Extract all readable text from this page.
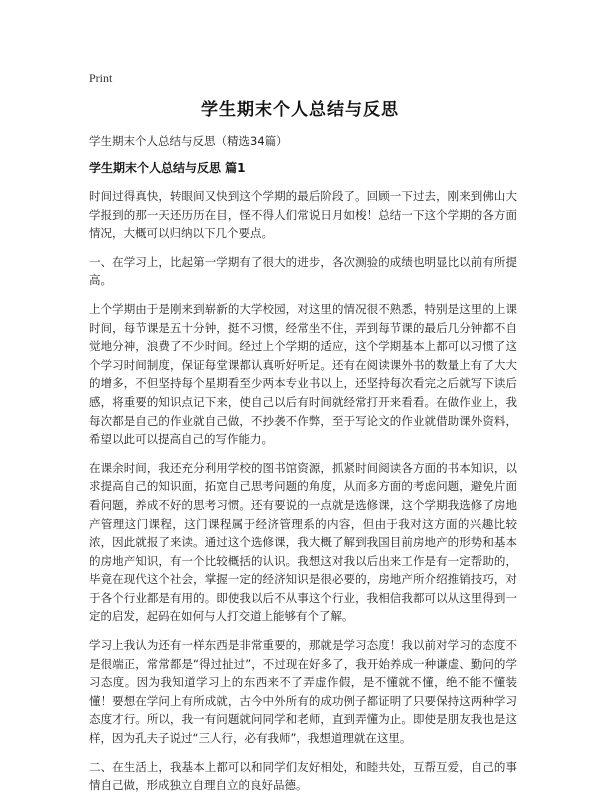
Print
学生期末个人总结与反思

学生期末个人总结与反思（精选34篇）

学生期末个人总结与反思 篇1

时间过得真快，转眼间又快到这个学期的最后阶段了。回顾一下过去，刚来到佛山大学报到的那一天还历历在目，怪不得人们常说日月如梭！总结一下这个学期的各方面情况，大概可以归纳以下几个要点。

一、在学习上，比起第一学期有了很大的进步，各次测验的成绩也明显比以前有所提高。

上个学期由于是刚来到崭新的大学校园，对这里的情况很不熟悉，特别是这里的上课时间，每节课是五十分钟，挺不习惯，经常坐不住，弄到每节课的最后几分钟都不自觉地分神，浪费了不少时间。经过上个学期的适应，这个学期基本上都可以习惯了这个学习时间制度，保证每堂课都认真听好听足。还有在阅读课外书的数量上有了大大的增多，不但坚持每个星期看至少两本专业书以上，还坚持每次看完之后就写下读后感，将重要的知识点记下来，使自己以后有时间就经常打开来看看。在做作业上，我每次都是自己的作业就自己做，不抄袭不作弊，至于写论文的作业就借助课外资料，希望以此可以提高自己的写作能力。

在课余时间，我还充分利用学校的图书馆资源，抓紧时间阅读各方面的书本知识，以求提高自己的知识面，拓宽自己思考问题的角度，从而多方面的考虑问题，避免片面看问题，养成不好的思考习惯。还有要说的一点就是选修课，这个学期我选修了房地产管理这门课程，这门课程属于经济管理系的内容，但由于我对这方面的兴趣比较浓，因此就报了来读。通过这个选修课，我大概了解到我国目前房地产的形势和基本的房地产知识，有一个比较概括的认识。我想这对我以后出来工作是有一定帮助的，毕竟在现代这个社会，掌握一定的经济知识是很必要的，房地产所介绍推销技巧，对于各个行业都是有用的。即使我以后不从事这个行业，我相信我都可以从这里得到一定的启发，起码在如何与人打交道上能够有个了解。

学习上我认为还有一样东西是非常重要的，那就是学习态度！我以前对学习的态度不是很端正，常常都是“得过扯过”，不过现在好多了，我开始养成一种谦虚、勤问的学习态度。因为我知道学习上的东西来不了弄虚作假，是不懂就不懂，绝不能不懂装懂！要想在学问上有所成就，古今中外所有的成功例子都证明了只要保持这两种学习态度才行。所以，我一有问题就问同学和老师，直到弄懂为止。即使是朋友我也是这样，因为孔夫子说过“三人行，必有我师”，我想道理就在这里。

二、在生活上，我基本上都可以和同学们友好相处，和睦共处，互帮互爱，自己的事情自己做，形成独立自理自立的良好品德。
